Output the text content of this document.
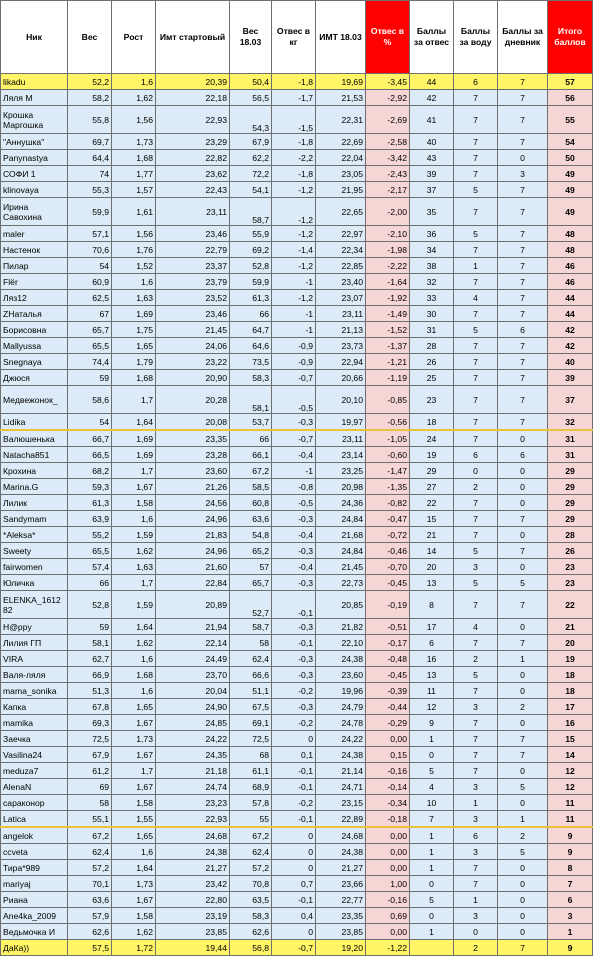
Ник	Вес	Рост	Имт стартовый	Вес 18.03	Отвес в кг	ИМТ 18.03	Отвес в %	Баллы за отвес	Баллы за воду	Баллы за дневник	Итого баллов
likadu	52,2	1,6	20,39	50,4	-1,8	19,69	-3,45	44	6	7	57
Ляля М	58,2	1,62	22,18	56,5	-1,7	21,53	-2,92	42	7	7	56
Крошка Маргошка	55,8	1,56	22,93	54,3	-1,5	22,31	-2,69	41	7	7	55
"Аннушка"	69,7	1,73	23,29	67,9	-1,8	22,69	-2,58	40	7	7	54
Panynastya	64,4	1,68	22,82	62,2	-2,2	22,04	-3,42	43	7	0	50
СОФИ 1	74	1,77	23,62	72,2	-1,8	23,05	-2,43	39	7	3	49
klinovaya	55,3	1,57	22,43	54,1	-1,2	21,95	-2,17	37	5	7	49
Ирина Савохина	59,9	1,61	23,11	58,7	-1,2	22,65	-2,00	35	7	7	49
maler	57,1	1,56	23,46	55,9	-1,2	22,97	-2,10	36	5	7	48
Настенок	70,6	1,76	22,79	69,2	-1,4	22,34	-1,98	34	7	7	48
Пилар	54	1,52	23,37	52,8	-1,2	22,85	-2,22	38	1	7	46
Flёr	60,9	1,6	23,79	59,9	-1	23,40	-1,64	32	7	7	46
Ляз12	62,5	1,63	23,52	61,3	-1,2	23,07	-1,92	33	4	7	44
ZНаталья	67	1,69	23,46	66	-1	23,11	-1,49	30	7	7	44
Борисовна	65,7	1,75	21,45	64,7	-1	21,13	-1,52	31	5	6	42
Mallyussa	65,5	1,65	24,06	64,6	-0,9	23,73	-1,37	28	7	7	42
Snegnaya	74,4	1,79	23,22	73,5	-0,9	22,94	-1,21	26	7	7	40
Джюся	59	1,68	20,90	58,3	-0,7	20,66	-1,19	25	7	7	39
Медвежонок_	58,6	1,7	20,28	58,1	-0,5	20,10	-0,85	23	7	7	37
Lidika	54	1,64	20,08	53,7	-0,3	19,97	-0,56	18	7	7	32
Валюшенька	66,7	1,69	23,35	66	-0,7	23,11	-1,05	24	7	0	31
Natacha851	66,5	1,69	23,28	66,1	-0,4	23,14	-0,60	19	6	6	31
Крохина	68,2	1,7	23,60	67,2	-1	23,25	-1,47	29	0	0	29
Marina.G	59,3	1,67	21,26	58,5	-0,8	20,98	-1,35	27	2	0	29
Лилик	61,3	1,58	24,56	60,8	-0,5	24,36	-0,82	22	7	0	29
Sandymam	63,9	1,6	24,96	63,6	-0,3	24,84	-0,47	15	7	7	29
*Aleksa*	55,2	1,59	21,83	54,8	-0,4	21,68	-0,72	21	7	0	28
Sweety	65,5	1,62	24,96	65,2	-0,3	24,84	-0,46	14	5	7	26
fairwomen	57,4	1,63	21,60	57	-0,4	21,45	-0,70	20	3	0	23
Юличка	66	1,7	22,84	65,7	-0,3	22,73	-0,45	13	5	5	23
ELENKA_1612 82	52,8	1,59	20,89	52,7	-0,1	20,85	-0,19	8	7	7	22
H@ppy	59	1,64	21,94	58,7	-0,3	21,82	-0,51	17	4	0	21
Лилия ГП	58,1	1,62	22,14	58	-0,1	22,10	-0,17	6	7	7	20
VIRA	62,7	1,6	24,49	62,4	-0,3	24,38	-0,48	16	2	1	19
Валя-ляля	66,9	1,68	23,70	66,6	-0,3	23,60	-0,45	13	5	0	18
mama_sonika	51,3	1,6	20,04	51,1	-0,2	19,96	-0,39	11	7	0	18
Капка	67,8	1,65	24,90	67,5	-0,3	24,79	-0,44	12	3	2	17
mamika	69,3	1,67	24,85	69,1	-0,2	24,78	-0,29	9	7	0	16
Заечка	72,5	1,73	24,22	72,5	0	24,22	0,00	1	7	7	15
Vasilina24	67,9	1,67	24,35	68	0,1	24,38	0,15	0	7	7	14
meduza7	61,2	1,7	21,18	61,1	-0,1	21,14	-0,16	5	7	0	12
AlenaN	69	1,67	24,74	68,9	-0,1	24,71	-0,14	4	3	5	12
сараконор	58	1,58	23,23	57,8	-0,2	23,15	-0,34	10	1	0	11
Latica	55,1	1,55	22,93	55	-0,1	22,89	-0,18	7	3	1	11
angelok	67,2	1,65	24,68	67,2	0	24,68	0,00	1	6	2	9
ccveta	62,4	1,6	24,38	62,4	0	24,38	0,00	1	3	5	9
Тира*989	57,2	1,64	21,27	57,2	0	21,27	0,00	1	7	0	8
mariyaj	70,1	1,73	23,42	70,8	0,7	23,66	1,00	0	7	0	7
Риана	63,6	1,67	22,80	63,5	-0,1	22,77	-0,16	5	1	0	6
Ane4ka_2009	57,9	1,58	23,19	58,3	0,4	23,35	0,69	0	3	0	3
Ведьмочка И	62,6	1,62	23,85	62,6	0	23,85	0,00	1	0	0	1
ДаКа))	57,5	1,72	19,44	56,8	-0,7	19,20	-1,22		2	7	9
